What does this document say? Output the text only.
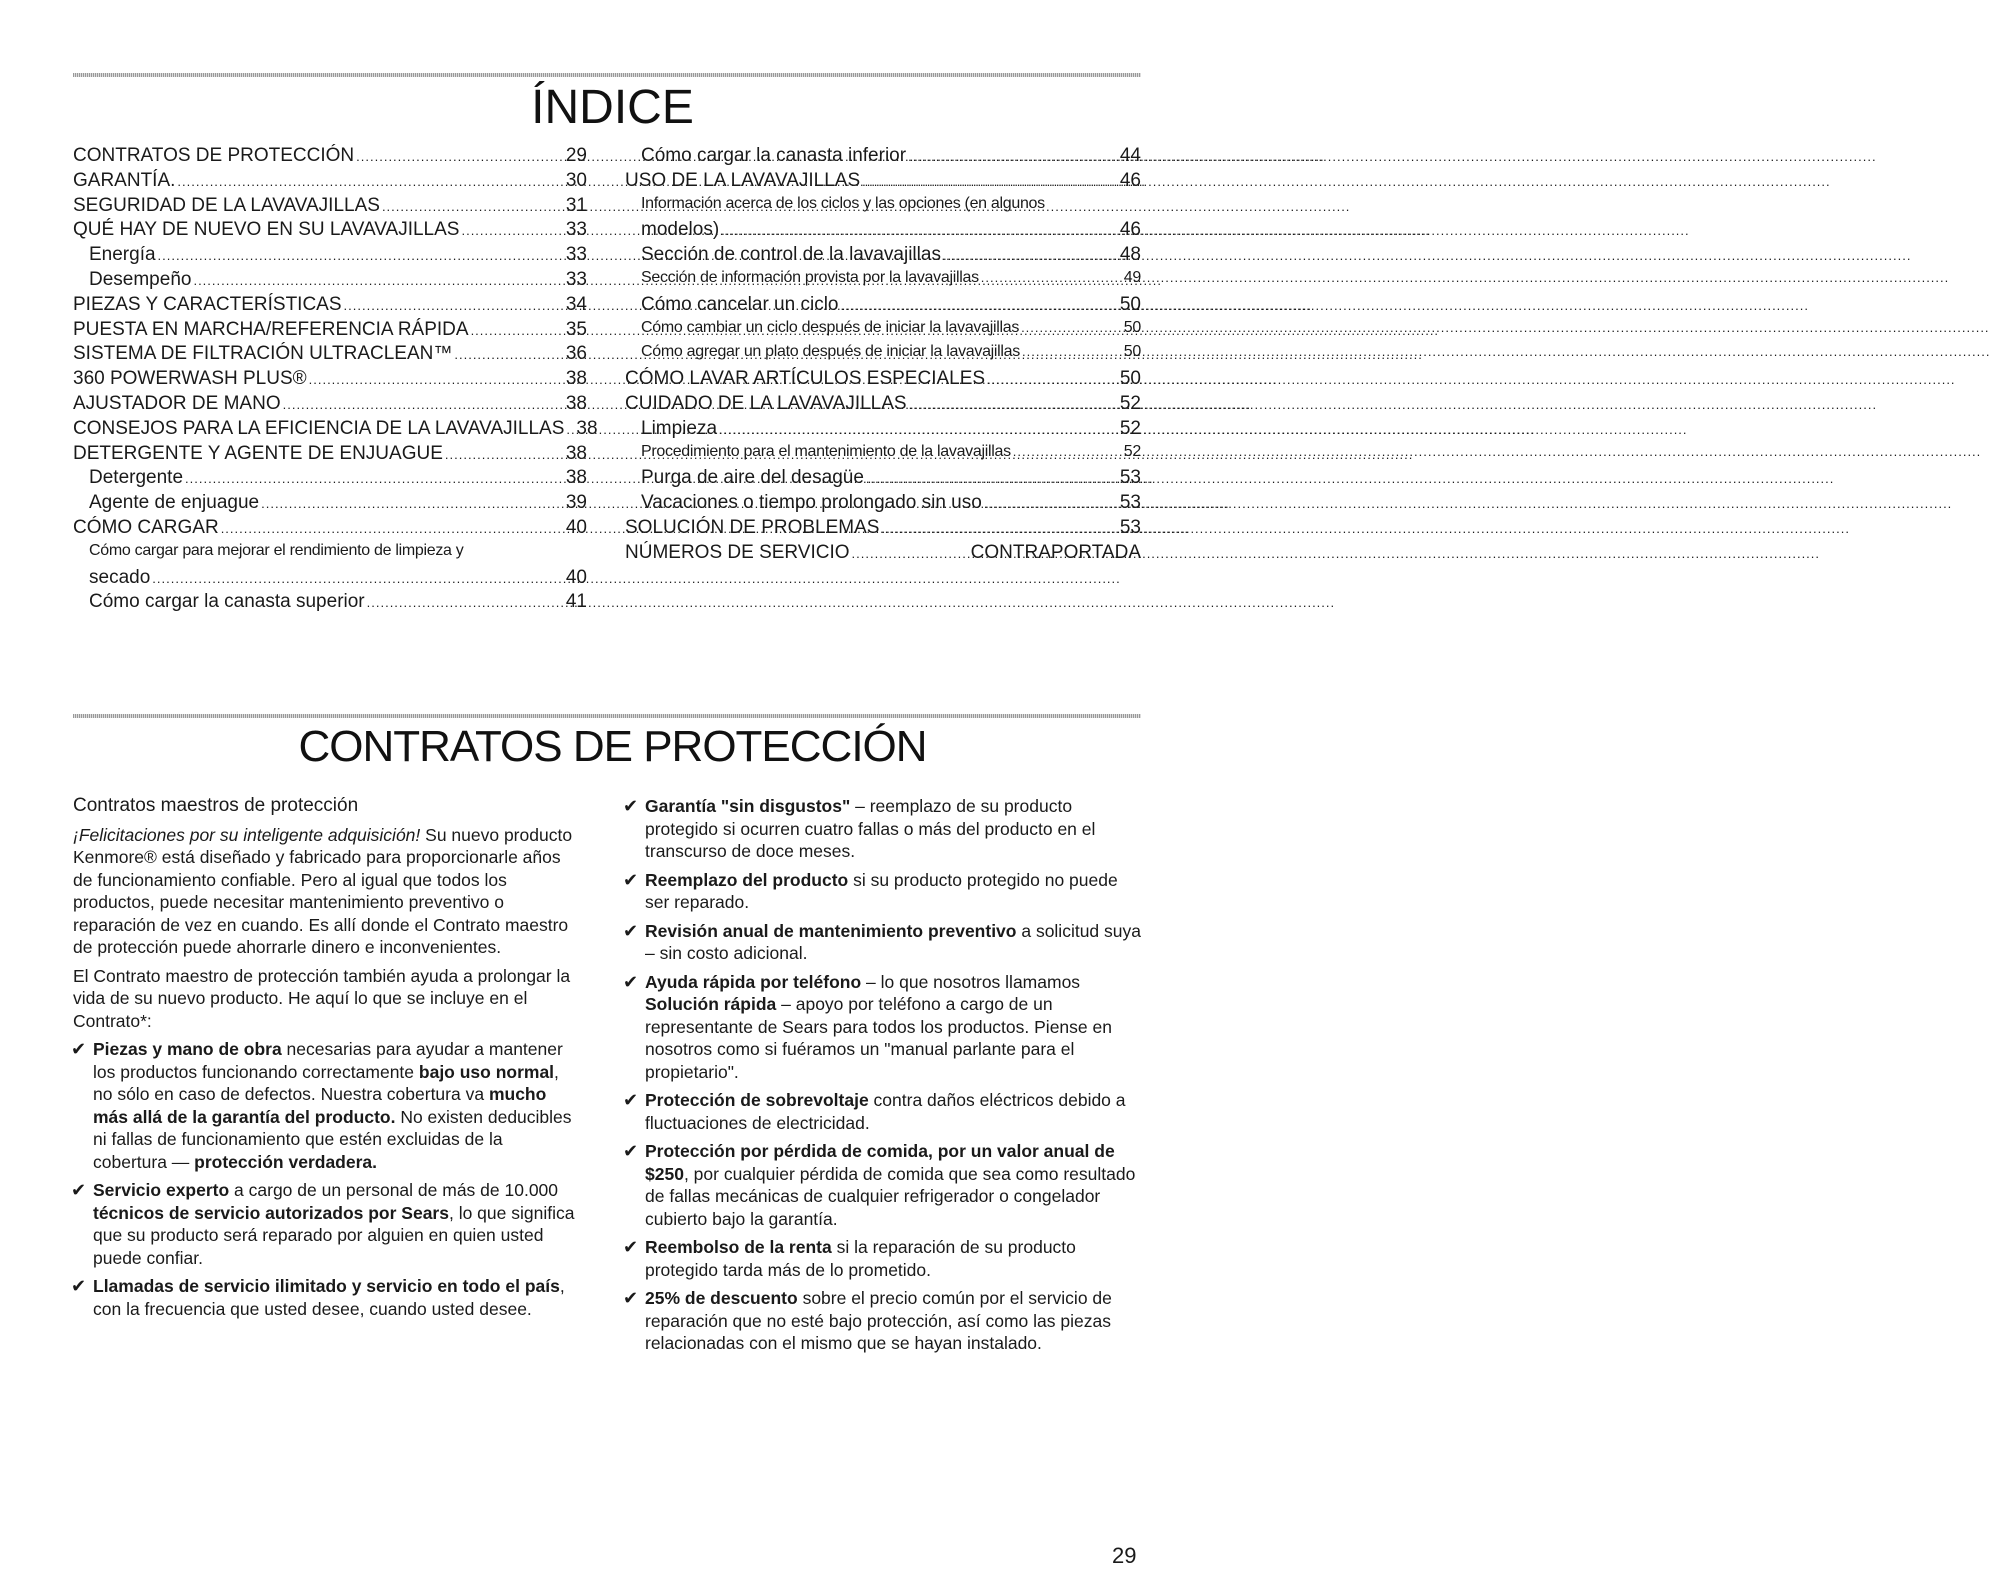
ÍNDICE
CONTRATOS DE PROTECCIÓN .....	29
GARANTÍA. .....	30
SEGURIDAD DE LA LAVAVAJILLAS .....	31
QUÉ HAY DE NUEVO EN SU LAVAVAJILLAS .....	33
Energía .....	33
Desempeño .....	33
PIEZAS Y CARACTERÍSTICAS .....	34
PUESTA EN MARCHA/REFERENCIA RÁPIDA .....	35
SISTEMA DE FILTRACIÓN ULTRACLEAN™ .....	36
360 POWERWASH PLUS® .....	38
AJUSTADOR DE MANO .....	38
CONSEJOS PARA LA EFICIENCIA DE LA LAVAVAJILLAS ..... 38
DETERGENTE Y AGENTE DE ENJUAGUE .....	38
Detergente .....	38
Agente de enjuague .....	39
CÓMO CARGAR .....	40
Cómo cargar para mejorar el rendimiento de limpieza y
secado .....	40
Cómo cargar la canasta superior .....	41
Cómo cargar la canasta inferior .....	44
USO DE LA LAVAVAJILLAS .....	46
Información acerca de los ciclos y las opciones (en algunos
modelos) .....	46
Sección de control de la lavavajillas .....	48
Sección de información provista por la lavavajillas .....	49
Cómo cancelar un ciclo .....	50
Cómo cambiar un ciclo después de iniciar la lavavajillas .....	50
Cómo agregar un plato después de iniciar la lavavajillas .....	50
CÓMO LAVAR ARTÍCULOS ESPECIALES .....	50
CUIDADO DE LA LAVAVAJILLAS .....	52
Limpieza .....	52
Procedimiento para el mantenimiento de la lavavajillas .....	52
Purga de aire del desagüe .....	53
Vacaciones o tiempo prolongado sin uso .....	53
SOLUCIÓN DE PROBLEMAS .....	53
NÚMEROS DE SERVICIO .....	CONTRAPORTADA
CONTRATOS DE PROTECCIÓN

Contratos maestros de protección

¡Felicitaciones por su inteligente adquisición! Su nuevo producto Kenmore® está diseñado y fabricado para proporcionarle años de funcionamiento confiable. Pero al igual que todos los productos, puede necesitar mantenimiento preventivo o reparación de vez en cuando. Es allí donde el Contrato maestro de protección puede ahorrarle dinero e inconvenientes.

El Contrato maestro de protección también ayuda a prolongar la vida de su nuevo producto. He aquí lo que se incluye en el Contrato*:

✔ Piezas y mano de obra necesarias para ayudar a mantener los productos funcionando correctamente bajo uso normal, no sólo en caso de defectos. Nuestra cobertura va mucho más allá de la garantía del producto. No existen deducibles ni fallas de funcionamiento que estén excluidas de la cobertura — protección verdadera.

✔ Servicio experto a cargo de un personal de más de 10.000 técnicos de servicio autorizados por Sears, lo que significa que su producto será reparado por alguien en quien usted puede confiar.

✔ Llamadas de servicio ilimitado y servicio en todo el país, con la frecuencia que usted desee, cuando usted desee.

✔ Garantía "sin disgustos" – reemplazo de su producto protegido si ocurren cuatro fallas o más del producto en el transcurso de doce meses.

✔ Reemplazo del producto si su producto protegido no puede ser reparado.

✔ Revisión anual de mantenimiento preventivo a solicitud suya – sin costo adicional.

✔ Ayuda rápida por teléfono – lo que nosotros llamamos Solución rápida – apoyo por teléfono a cargo de un representante de Sears para todos los productos. Piense en nosotros como si fuéramos un "manual parlante para el propietario".

✔ Protección de sobrevoltaje contra daños eléctricos debido a fluctuaciones de electricidad.

✔ Protección por pérdida de comida, por un valor anual de $250, por cualquier pérdida de comida que sea como resultado de fallas mecánicas de cualquier refrigerador o congelador cubierto bajo la garantía.

✔ Reembolso de la renta si la reparación de su producto protegido tarda más de lo prometido.

✔ 25% de descuento sobre el precio común por el servicio de reparación que no esté bajo protección, así como las piezas relacionadas con el mismo que se hayan instalado.

29
